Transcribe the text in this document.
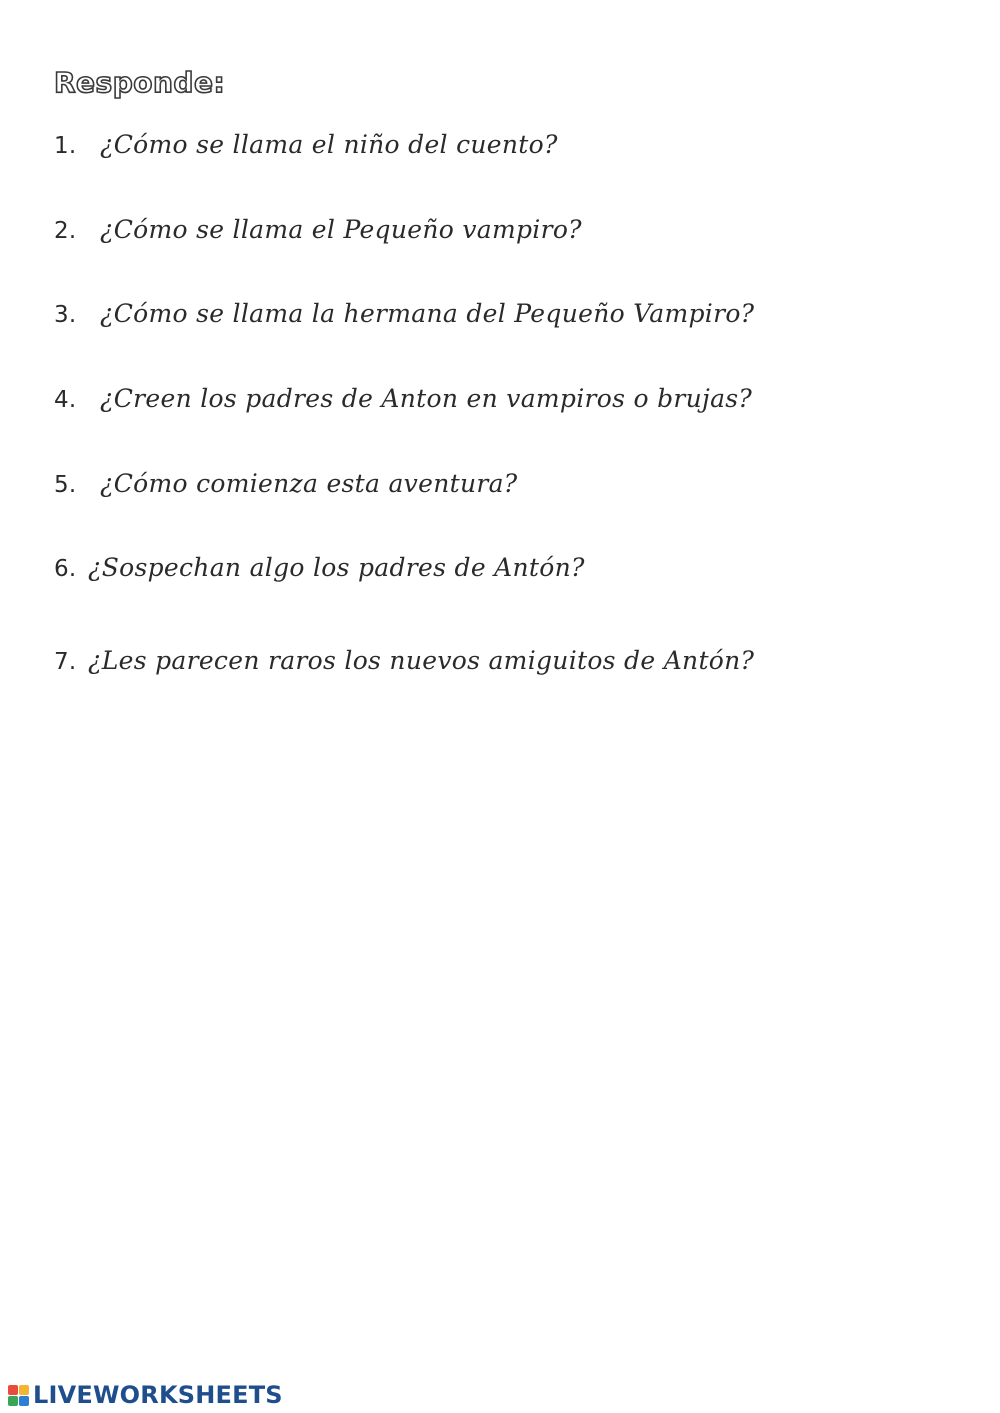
Responde:
1. ¿Cómo se llama el niño del cuento?
2. ¿Cómo se llama el Pequeño vampiro?
3. ¿Cómo se llama la hermana del Pequeño Vampiro?
4. ¿Creen los padres de Anton en vampiros o brujas?
5. ¿Cómo comienza esta aventura?
6. ¿Sospechan algo los padres de Antón?
7. ¿Les parecen raros los nuevos amiguitos de Antón?
LIVEWORKSHEETS
